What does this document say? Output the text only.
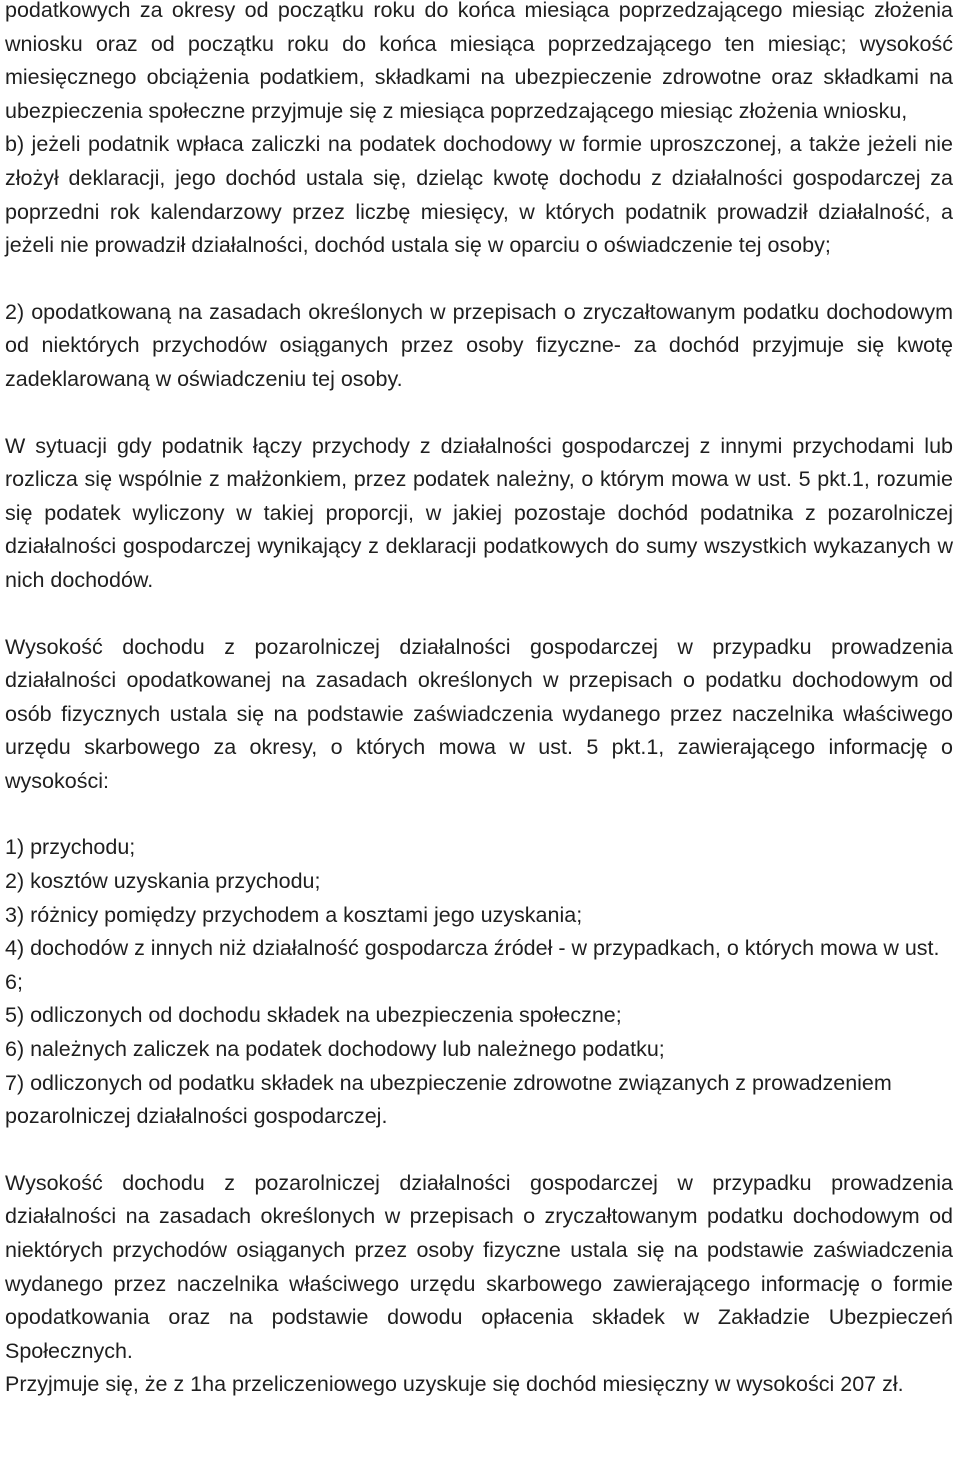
podatkowych za okresy od początku roku do końca miesiąca poprzedzającego miesiąc złożenia wniosku oraz od początku roku do końca miesiąca poprzedzającego ten miesiąc; wysokość miesięcznego obciążenia podatkiem, składkami na ubezpieczenie zdrowotne oraz składkami na ubezpieczenia społeczne przyjmuje się z miesiąca poprzedzającego miesiąc złożenia wniosku,

b) jeżeli podatnik wpłaca zaliczki na podatek dochodowy w formie uproszczonej, a także jeżeli nie złożył deklaracji, jego dochód ustala się, dzieląc kwotę dochodu z działalności gospodarczej za poprzedni rok kalendarzowy przez liczbę miesięcy, w których podatnik prowadził działalność, a jeżeli nie prowadził działalności, dochód ustala się w oparciu o oświadczenie tej osoby;

2) opodatkowaną na zasadach określonych w przepisach o zryczałtowanym podatku dochodowym od niektórych przychodów osiąganych przez osoby fizyczne- za dochód przyjmuje się kwotę zadeklarowaną w oświadczeniu tej osoby.

W sytuacji gdy podatnik łączy przychody z działalności gospodarczej z innymi przychodami lub rozlicza się wspólnie z małżonkiem, przez podatek należny, o którym mowa w ust. 5 pkt.1, rozumie się podatek wyliczony w takiej proporcji, w jakiej pozostaje dochód podatnika z pozarolniczej działalności gospodarczej wynikający z deklaracji podatkowych do sumy wszystkich wykazanych w nich dochodów.

Wysokość dochodu z pozarolniczej działalności gospodarczej w przypadku prowadzenia działalności opodatkowanej na zasadach określonych w przepisach o podatku dochodowym od osób fizycznych ustala się na podstawie zaświadczenia wydanego przez naczelnika właściwego urzędu skarbowego za okresy, o których mowa w ust. 5 pkt.1, zawierającego informację o wysokości:

1) przychodu;
2) kosztów uzyskania przychodu;
3) różnicy pomiędzy przychodem a kosztami jego uzyskania;
4) dochodów z innych niż działalność gospodarcza źródeł - w przypadkach, o których mowa w ust. 6;
5) odliczonych od dochodu składek na ubezpieczenia społeczne;
6) należnych zaliczek na podatek dochodowy lub należnego podatku;
7) odliczonych od podatku składek na ubezpieczenie zdrowotne związanych z prowadzeniem pozarolniczej działalności gospodarczej.

Wysokość dochodu z pozarolniczej działalności gospodarczej w przypadku prowadzenia działalności na zasadach określonych w przepisach o zryczałtowanym podatku dochodowym od niektórych przychodów osiąganych przez osoby fizyczne ustala się na podstawie zaświadczenia wydanego przez naczelnika właściwego urzędu skarbowego zawierającego informację o formie opodatkowania oraz na podstawie dowodu opłacenia składek w Zakładzie Ubezpieczeń Społecznych.

Przyjmuje się, że z 1ha przeliczeniowego uzyskuje się dochód miesięczny w wysokości 207 zł.
